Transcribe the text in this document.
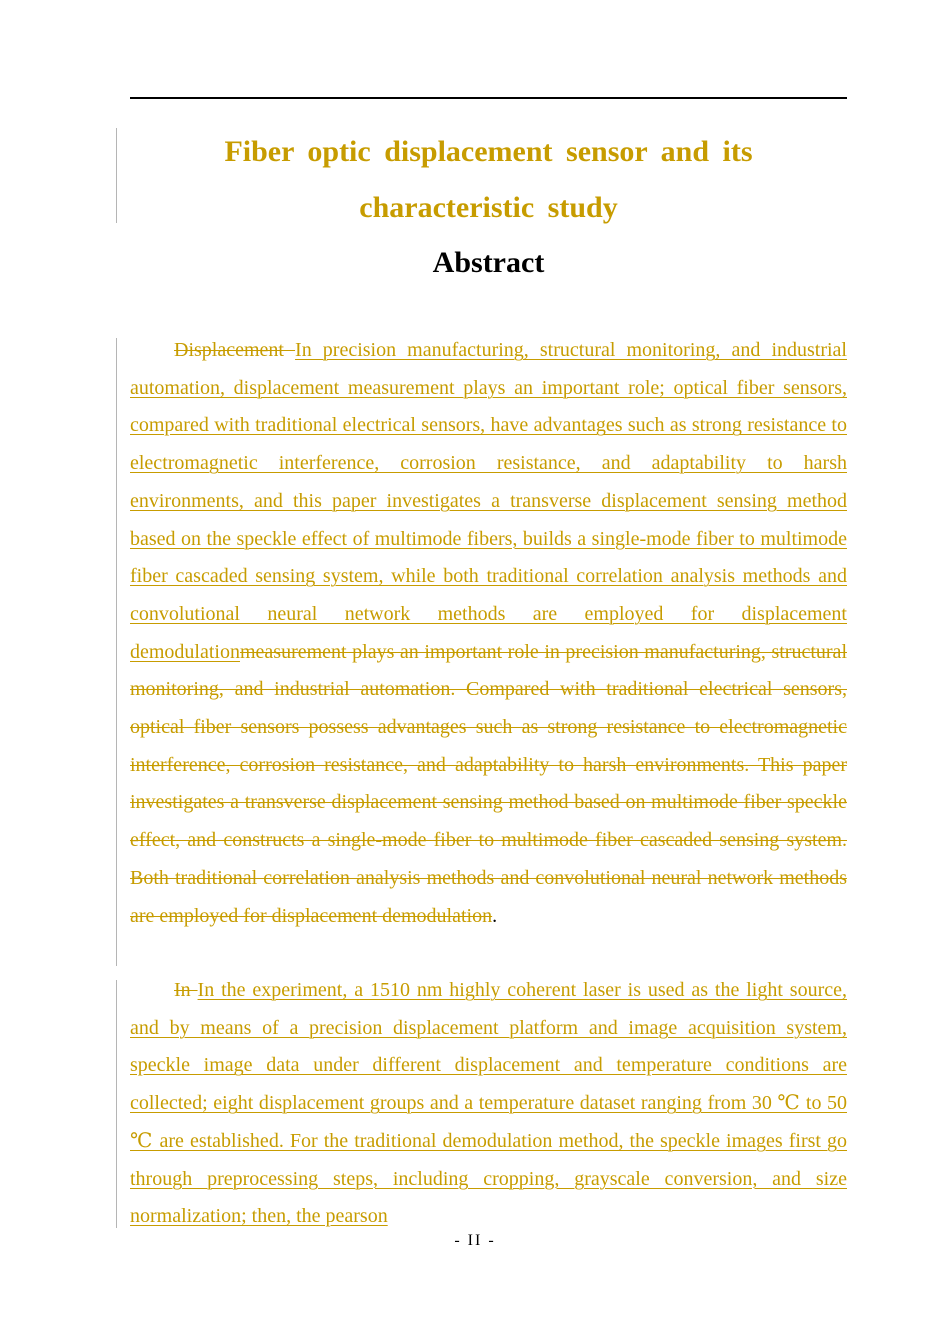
Fiber optic displacement sensor and its
characteristic study
Abstract

Displacement In precision manufacturing, structural monitoring, and industrial automation, displacement measurement plays an important role; optical fiber sensors, compared with traditional electrical sensors, have advantages such as strong resistance to electromagnetic interference, corrosion resistance, and adaptability to harsh environments, and this paper investigates a transverse displacement sensing method based on the speckle effect of multimode fibers, builds a single-mode fiber to multimode fiber cascaded sensing system, while both traditional correlation analysis methods and convolutional neural network methods are employed for displacement demodulationmeasurement plays an important role in precision manufacturing, structural monitoring, and industrial automation. Compared with traditional electrical sensors, optical fiber sensors possess advantages such as strong resistance to electromagnetic interference, corrosion resistance, and adaptability to harsh environments. This paper investigates a transverse displacement sensing method based on multimode fiber speckle effect, and constructs a single-mode fiber to multimode fiber cascaded sensing system. Both traditional correlation analysis methods and convolutional neural network methods are employed for displacement demodulation.

In In the experiment, a 1510 nm highly coherent laser is used as the light source, and by means of a precision displacement platform and image acquisition system, speckle image data under different displacement and temperature conditions are collected; eight displacement groups and a temperature dataset ranging from 30 ℃ to 50 ℃ are established. For the traditional demodulation method, the speckle images first go through preprocessing steps, including cropping, grayscale conversion, and size normalization; then, the pearson

- II -
